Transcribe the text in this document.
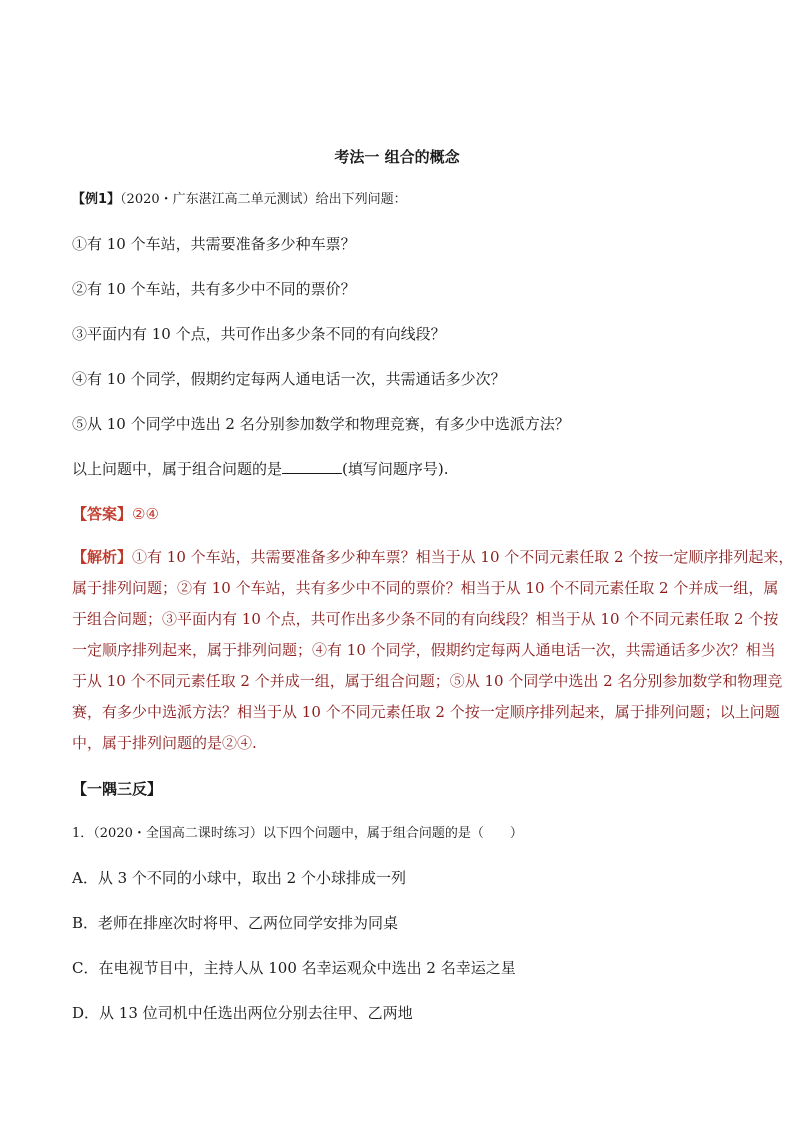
考法一 组合的概念
【例1】（2020・广东湛江高二单元测试）给出下列问题：
①有 10 个车站，共需要准备多少种车票？
②有 10 个车站，共有多少中不同的票价？
③平面内有 10 个点，共可作出多少条不同的有向线段？
④有 10 个同学，假期约定每两人通电话一次，共需通话多少次？
⑤从 10 个同学中选出 2 名分别参加数学和物理竞赛，有多少中选派方法？
以上问题中，属于组合问题的是	(填写问题序号).
【答案】②④

【解析】①有 10 个车站，共需要准备多少种车票？相当于从 10 个不同元素任取 2 个按一定顺序排列起来，

属于排列问题；②有 10 个车站，共有多少中不同的票价？相当于从 10 个不同元素任取 2 个并成一组，属

于组合问题；③平面内有 10 个点，共可作出多少条不同的有向线段？相当于从 10 个不同元素任取 2 个按

一定顺序排列起来，属于排列问题；④有 10 个同学，假期约定每两人通电话一次，共需通话多少次？相当

于从 10 个不同元素任取 2 个并成一组，属于组合问题；⑤从 10 个同学中选出 2 名分别参加数学和物理竞

赛，有多少中选派方法？相当于从 10 个不同元素任取 2 个按一定顺序排列起来，属于排列问题；以上问题

中，属于排列问题的是②④.

【一隅三反】
1．（2020・全国高二课时练习）以下四个问题中，属于组合问题的是（　　）
A．从 3 个不同的小球中，取出 2 个小球排成一列
B．老师在排座次时将甲、乙两位同学安排为同桌
C．在电视节目中，主持人从 100 名幸运观众中选出 2 名幸运之星
D．从 13 位司机中任选出两位分别去往甲、乙两地
